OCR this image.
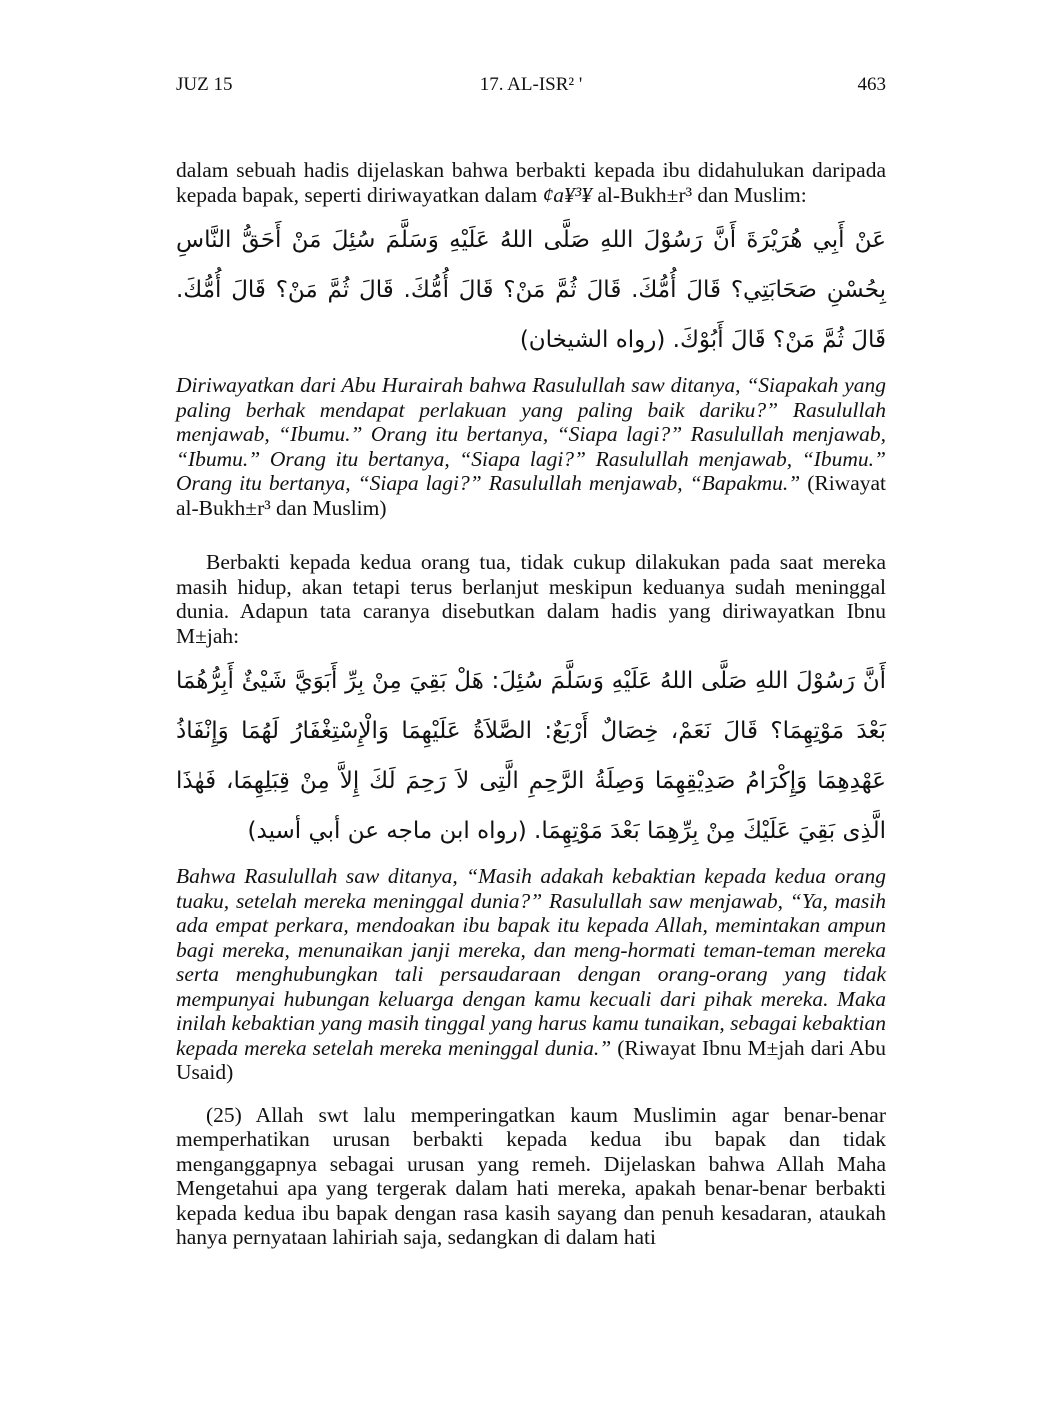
17. AL-ISR² '
JUZ 15	463

dalam sebuah hadis dijelaskan bahwa berbakti kepada ibu didahulukan daripada kepada bapak, seperti diriwayatkan dalam ¢a¥³¥ al-Bukh±r³ dan Muslim:

عَنْ أَبِي هُرَيْرَةَ أَنَّ رَسُوْلَ اللهِ صَلَّى اللهُ عَلَيْهِ وَسَلَّمَ سُئِلَ مَنْ أَحَقُّ النَّاسِ بِحُسْنِ صَحَابَتِي؟ قَالَ أُمُّكَ. قَالَ ثُمَّ مَنْ؟ قَالَ أُمُّكَ. قَالَ ثُمَّ مَنْ؟ قَالَ أُمُّكَ. قَالَ ثُمَّ مَنْ؟ قَالَ أَبُوْكَ. (رواه الشيخان)

Diriwayatkan dari Abu Hurairah bahwa Rasulullah saw ditanya, “Siapakah yang paling berhak mendapat perlakuan yang paling baik dariku?” Rasulullah menjawab, “Ibumu.” Orang itu bertanya, “Siapa lagi?” Rasulullah menjawab, “Ibumu.” Orang itu bertanya, “Siapa lagi?” Rasulullah menjawab, “Ibumu.” Orang itu bertanya, “Siapa lagi?” Rasulullah menjawab, “Bapakmu.” (Riwayat al-Bukh±r³ dan Muslim)

Berbakti kepada kedua orang tua, tidak cukup dilakukan pada saat mereka masih hidup, akan tetapi terus berlanjut meskipun keduanya sudah meninggal dunia. Adapun tata caranya disebutkan dalam hadis yang diriwayatkan Ibnu M±jah:

أَنَّ رَسُوْلَ اللهِ صَلَّى اللهُ عَلَيْهِ وَسَلَّمَ سُئِلَ: هَلْ بَقِيَ مِنْ بِرِّ أَبَوَيَّ شَيْئٌ أَبِرُّهُمَا بَعْدَ مَوْتِهِمَا؟ قَالَ نَعَمْ، خِصَالٌ أَرْبَعٌ: الصَّلاَةُ عَلَيْهِمَا وَالْإِسْتِغْفَارُ لَهُمَا وَإِنْفَاذُ عَهْدِهِمَا وَإِكْرَامُ صَدِيْقِهِمَا وَصِلَةُ الرَّحِمِ الَّتِى لاَ رَحِمَ لَكَ إِلاَّ مِنْ قِبَلِهِمَا، فَهٰذَا الَّذِى بَقِيَ عَلَيْكَ مِنْ بِرِّهِمَا بَعْدَ مَوْتِهِمَا. (رواه ابن ماجه عن أبي أسيد)

Bahwa Rasulullah saw ditanya, “Masih adakah kebaktian kepada kedua orang tuaku, setelah mereka meninggal dunia?” Rasulullah saw menjawab, “Ya, masih ada empat perkara, mendoakan ibu bapak itu kepada Allah, memintakan ampun bagi mereka, menunaikan janji mereka, dan meng-hormati teman-teman mereka serta menghubungkan tali persaudaraan dengan orang-orang yang tidak mempunyai hubungan keluarga dengan kamu kecuali dari pihak mereka. Maka inilah kebaktian yang masih tinggal yang harus kamu tunaikan, sebagai kebaktian kepada mereka setelah mereka meninggal dunia.” (Riwayat Ibnu M±jah dari Abu Usaid)

(25) Allah swt lalu memperingatkan kaum Muslimin agar benar-benar memperhatikan urusan berbakti kepada kedua ibu bapak dan tidak menganggapnya sebagai urusan yang remeh. Dijelaskan bahwa Allah Maha Mengetahui apa yang tergerak dalam hati mereka, apakah benar-benar berbakti kepada kedua ibu bapak dengan rasa kasih sayang dan penuh kesadaran, ataukah hanya pernyataan lahiriah saja, sedangkan di dalam hati
